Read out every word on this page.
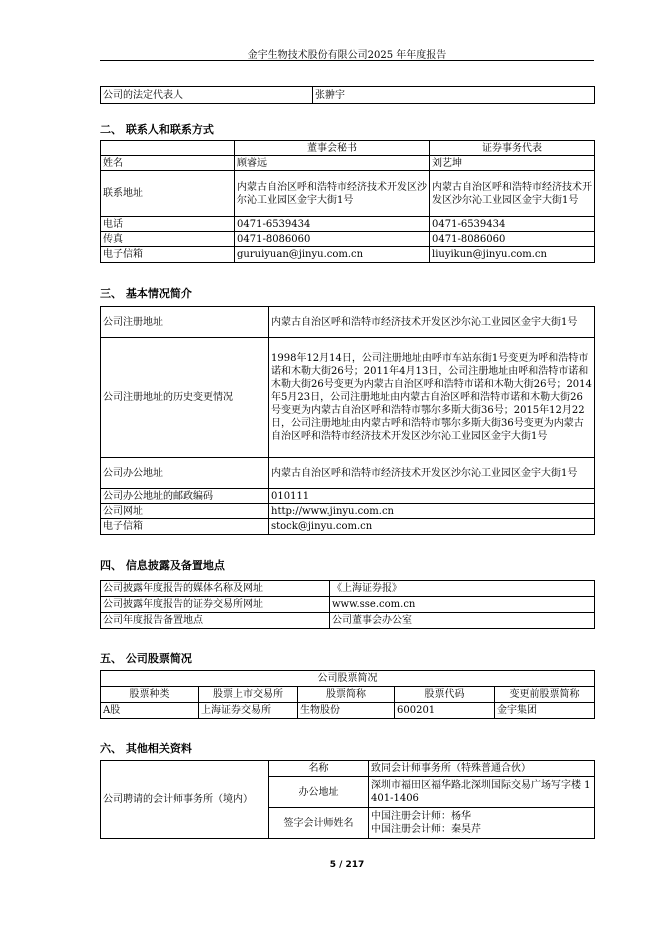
金宇生物技术股份有限公司2025 年年度报告
公司的法定代表人	张翀宇
二、 联系人和联系方式
	董事会秘书	证券事务代表
姓名	顾睿远	刘艺坤
联系地址	内蒙古自治区呼和浩特市经济技术开发区沙尔沁工业园区金宇大街1号	内蒙古自治区呼和浩特市经济技术开发区沙尔沁工业园区金宇大街1号
电话	0471-6539434	0471-6539434
传真	0471-8086060	0471-8086060
电子信箱	guruiyuan@jinyu.com.cn	liuyikun@jinyu.com.cn
三、 基本情况简介
公司注册地址	内蒙古自治区呼和浩特市经济技术开发区沙尔沁工业园区金宇大街1号
公司注册地址的历史变更情况	1998年12月14日，公司注册地址由呼市车站东街1号变更为呼和浩特市诺和木勒大街26号；2011年4月13日，公司注册地址由呼和浩特市诺和木勒大街26号变更为内蒙古自治区呼和浩特市诺和木勒大街26号；2014年5月23日，公司注册地址由内蒙古自治区呼和浩特市诺和木勒大街26号变更为内蒙古自治区呼和浩特市鄂尔多斯大街36号；2015年12月22日，公司注册地址由内蒙古呼和浩特市鄂尔多斯大街36号变更为内蒙古自治区呼和浩特市经济技术开发区沙尔沁工业园区金宇大街1号
公司办公地址	内蒙古自治区呼和浩特市经济技术开发区沙尔沁工业园区金宇大街1号
公司办公地址的邮政编码	010111
公司网址	http://www.jinyu.com.cn
电子信箱	stock@jinyu.com.cn
四、 信息披露及备置地点
公司披露年度报告的媒体名称及网址	《上海证券报》
公司披露年度报告的证券交易所网址	www.sse.com.cn
公司年度报告备置地点	公司董事会办公室
五、 公司股票简况
公司股票简况				
股票种类	股票上市交易所	股票简称	股票代码	变更前股票简称
A股	上海证券交易所	生物股份	600201	金宇集团
六、 其他相关资料
公司聘请的会计师事务所（境内）	名称	致同会计师事务所（特殊普通合伙）
	办公地址	深圳市福田区福华路北深圳国际交易广场写字楼 1401-1406
	签字会计师姓名	中国注册会计师：杨华
中国注册会计师：秦昊芹
5 / 217
